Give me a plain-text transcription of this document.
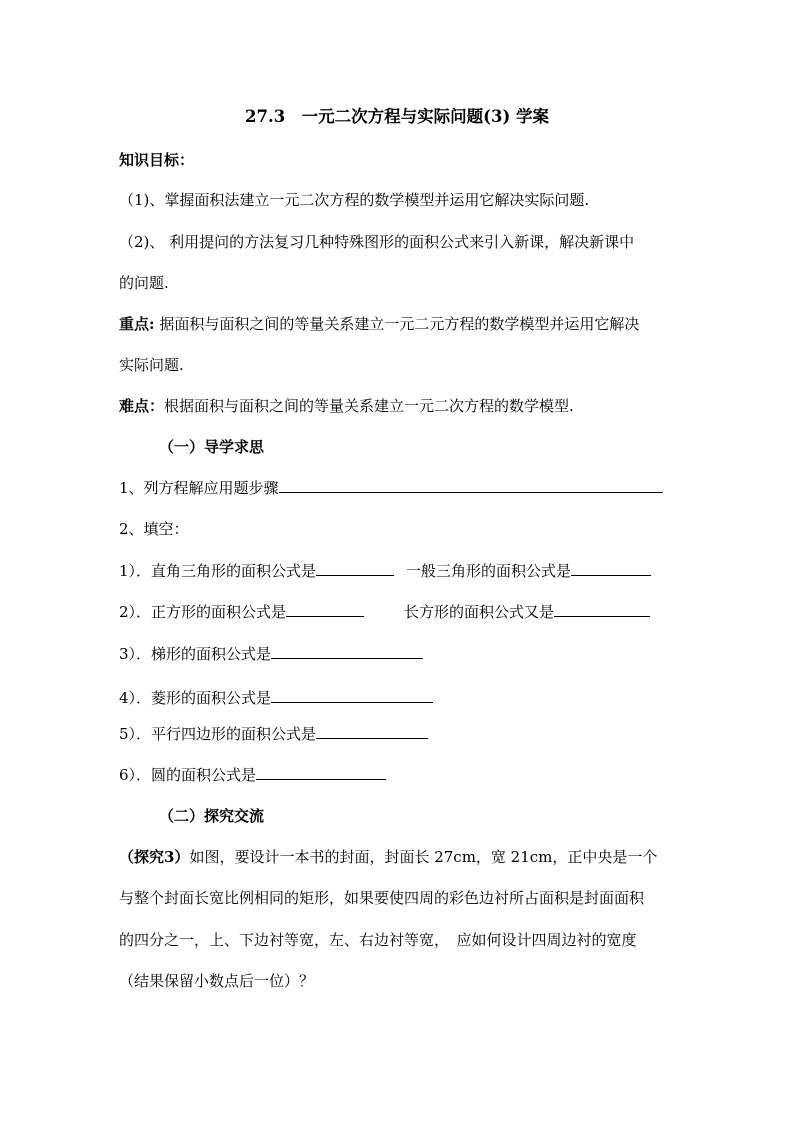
27.3　一元二次方程与实际问题(3) 学案
知识目标：
（1)、掌握面积法建立一元二次方程的数学模型并运用它解决实际问题.
（2)、 利用提问的方法复习几种特殊图形的面积公式来引入新课，解决新课中
的问题.
重点: 据面积与面积之间的等量关系建立一元二元方程的数学模型并运用它解决
实际问题.
难点：根据面积与面积之间的等量关系建立一元二次方程的数学模型.
（一）导学求思
1、列方程解应用题步骤
2、填空：
1）．直角三角形的面积公式是	一般三角形的面积公式是
2）．正方形的面积公式是	长方形的面积公式又是
3）．梯形的面积公式是
4）．菱形的面积公式是
5）．平行四边形的面积公式是
6）．圆的面积公式是
（二）探究交流
（探究3）如图，要设计一本书的封面，封面长 27cm，宽 21cm，正中央是一个
与整个封面长宽比例相同的矩形，如果要使四周的彩色边衬所占面积是封面面积
的四分之一，上、下边衬等宽，左、右边衬等宽，　应如何设计四周边衬的宽度
（结果保留小数点后一位）？
